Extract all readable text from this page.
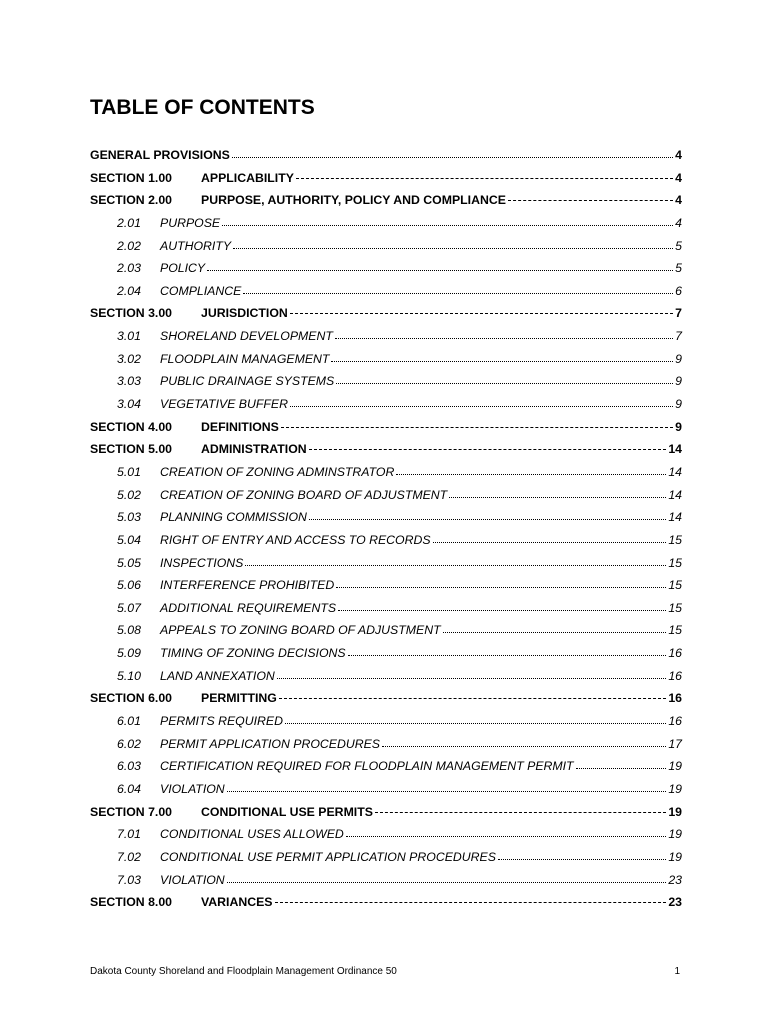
TABLE OF CONTENTS
GENERAL PROVISIONS	4
SECTION 1.00	APPLICABILITY	4
SECTION 2.00	PURPOSE, AUTHORITY, POLICY AND COMPLIANCE	4
2.01	PURPOSE	4
2.02	AUTHORITY	5
2.03	POLICY	5
2.04	COMPLIANCE	6
SECTION 3.00	JURISDICTION	7
3.01	SHORELAND DEVELOPMENT	7
3.02	FLOODPLAIN MANAGEMENT	9
3.03	PUBLIC DRAINAGE SYSTEMS	9
3.04	VEGETATIVE BUFFER	9
SECTION 4.00	DEFINITIONS	9
SECTION 5.00	ADMINISTRATION	14
5.01	CREATION OF ZONING ADMINSTRATOR	14
5.02	CREATION OF ZONING BOARD OF ADJUSTMENT	14
5.03	PLANNING COMMISSION	14
5.04	RIGHT OF ENTRY AND ACCESS TO RECORDS	15
5.05	INSPECTIONS	15
5.06	INTERFERENCE PROHIBITED	15
5.07	ADDITIONAL REQUIREMENTS	15
5.08	APPEALS TO ZONING BOARD OF ADJUSTMENT	15
5.09	TIMING OF ZONING DECISIONS	16
5.10	LAND ANNEXATION	16
SECTION 6.00	PERMITTING	16
6.01	PERMITS REQUIRED	16
6.02	PERMIT APPLICATION PROCEDURES	17
6.03	CERTIFICATION REQUIRED FOR FLOODPLAIN MANAGEMENT PERMIT	19
6.04	VIOLATION	19
SECTION 7.00	CONDITIONAL USE PERMITS	19
7.01	CONDITIONAL USES ALLOWED	19
7.02	CONDITIONAL USE PERMIT APPLICATION PROCEDURES	19
7.03	VIOLATION	23
SECTION 8.00	VARIANCES	23
Dakota County Shoreland and Floodplain Management Ordinance 50	1
